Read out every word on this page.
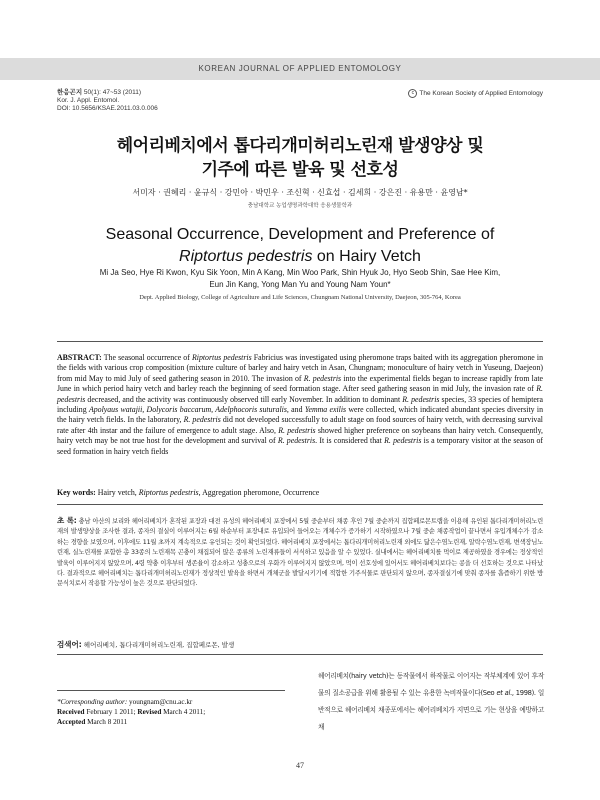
KOREAN JOURNAL OF APPLIED ENTOMOLOGY
한응곤지 50(1): 47~53 (2011)
Kor. J. Appl. Entomol.
DOI: 10.5656/KSAE.2011.03.0.006
c The Korean Society of Applied Entomology
헤어리베치에서 톱다리개미허리노린재 발생양상 및
기주에 따른 발육 및 선호성
서미자 · 권혜리 · 윤규식 · 강민아 · 박민우 · 조신혁 · 신효섭 · 김세희 · 강은진 · 유용만 · 윤영남*
충남대학교 농업생명과학대학 응용생물학과
Seasonal Occurrence, Development and Preference of
Riptortus pedestris on Hairy Vetch
Mi Ja Seo, Hye Ri Kwon, Kyu Sik Yoon, Min A Kang, Min Woo Park, Shin Hyuk Jo, Hyo Seob Shin, Sae Hee Kim,
Eun Jin Kang, Yong Man Yu and Young Nam Youn*
Dept. Applied Biology, College of Agriculture and Life Sciences, Chungnam National University, Daejeon, 305-764, Korea
ABSTRACT: The seasonal occurrence of Riptortus pedestris Fabricius was investigated using pheromone traps baited with its aggregation pheromone in the fields with various crop composition (mixture culture of barley and hairy vetch in Asan, Chungnam; monoculture of hairy vetch in Yuseung, Daejeon) from mid May to mid July of seed gathering season in 2010. The invasion of R. pedestris into the experimental fields began to increase rapidly from late June in which period hairy vetch and barley reach the beginning of seed formation stage. After seed gathering season in mid July, the invasion rate of R. pedestris decreased, and the activity was continuously observed till early November. In addition to dominant R. pedestris species, 33 species of hemiptera including Apolyaus watajii, Dolycoris baccarum, Adelphocoris suturalis, and Yemma exilis were collected, which indicated abundant species diversity in the hairy vetch fields. In the laboratory, R. pedestris did not developed successfully to adult stage on food sources of hairy vetch, with decreasing survival rate after 4th instar and the failure of emergence to adult stage. Also, R. pedestris showed higher preference on soybeans than hairy vetch. Consequently, hairy vetch may be not true host for the development and survival of R. pedestris. It is considered that R. pedestris is a temporary visitor at the season of seed formation in hairy vetch fields
Key words: Hairy vetch, Riptortus pedestris, Aggregation pheromone, Occurrence
초 록: 충남 아산의 보리와 헤어리베치가 혼작된 포장과 대전 유성의 헤어리베치 포장에서 5월 중순부터 채종 후인 7월 중순까지 집합페로몬트랩을 이용해 유인된 톱다리개미허리노린재의 발생양상을 조사한 결과, 종자의 결실이 이루어지는 6월 하순부터 포장내로 유입되어 들어오는 개체수가 증가하기 시작하였으나 7월 중순 채종작업이 끝나면서 유입개체수가 감소하는 경향을 보였으며, 이후에도 11월 초까지 계속적으로 유인되는 것이 확인되었다. 헤어리베치 포장에서는 톱다리개미허리노린재 외에도 닮은수염노린재, 알락수염노린재, 변색장님노린재, 실노린재를 포함한 총 33종의 노린재목 곤충이 채집되어 많은 종류의 노린재류들이 서식하고 있음을 알 수 있었다. 실내에서는 헤어리베치를 먹이로 제공하였을 경우에는 정상적인 발육이 이루어지지 않았으며, 4령 약충 이후부터 생존율이 감소하고 성충으로의 우화가 이루어지지 않았으며, 먹이 선호성에 있어서도 헤어리베치보다는 콩을 더 선호하는 것으로 나타났다. 결과적으로 헤어리베치는 톱다리개미허리노린재가 정상적인 발육을 하면서 개체군을 발달시키기에 적합한 기주식물로 판단되지 않으며, 종자결실기에 맞춰 종자를 흡즙하기 위한 방문식치로서 작용할 가능성이 높은 것으로 판단되었다.
검색어: 헤어리베치, 톱다리개미허리노린재, 집합페로몬, 발생
*Corresponding author: youngnam@cnu.ac.kr
Received February 1 2011; Revised March 4 2011;
Accepted March 8 2011
헤어리베치(hairy vetch)는 동작물에서 하작물로 이어지는 작부체계에 있어 후작물의 질소공급을 위해 활용될 수 있는 유용한 녹비작물이다(Seo et al., 1998). 일반적으로 헤어리베치 채종포에서는 헤어리베치가 지면으로 기는 현상을 예방하고 채
47
